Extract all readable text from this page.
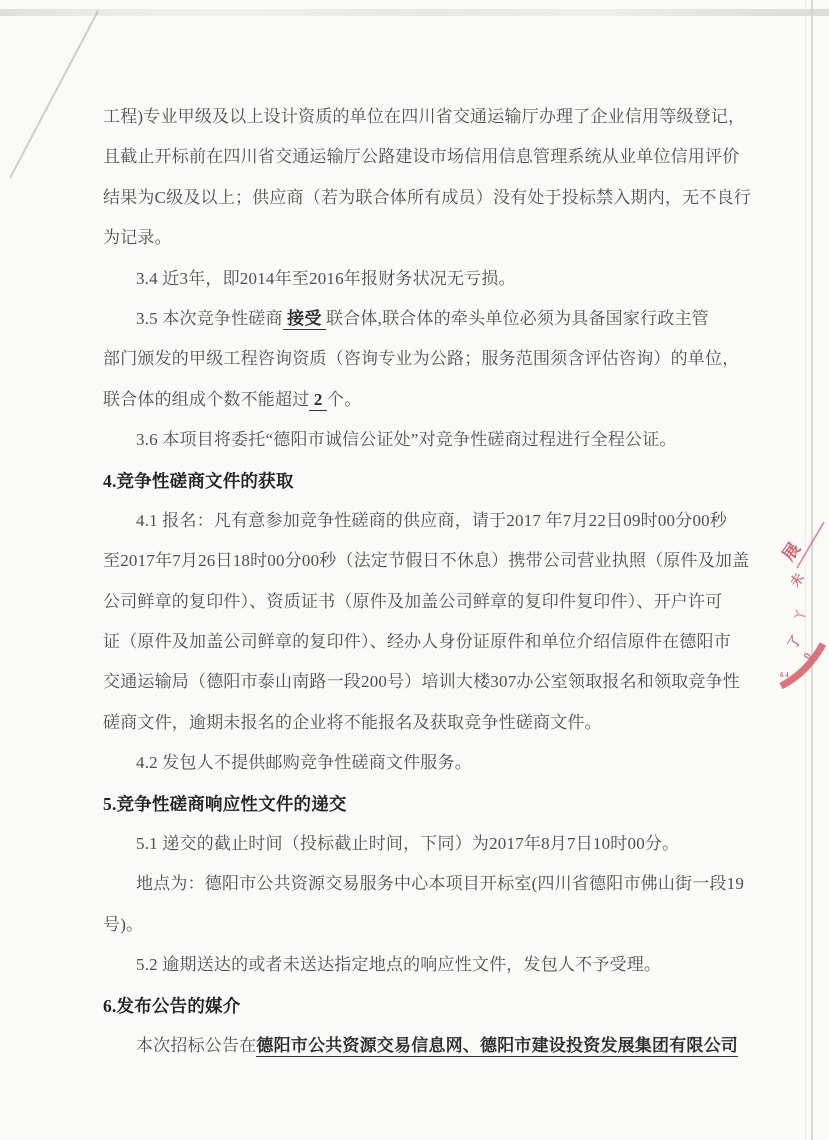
工程)专业甲级及以上设计资质的单位在四川省交通运输厅办理了企业信用等级登记，
且截止开标前在四川省交通运输厅公路建设市场信用信息管理系统从业单位信用评价
结果为C级及以上；供应商（若为联合体所有成员）没有处于投标禁入期内，无不良行
为记录。
3.4 近3年，即2014年至2016年报财务状况无亏损。
3.5 本次竞争性磋商 接受 联合体,联合体的牵头单位必须为具备国家行政主管
部门颁发的甲级工程咨询资质（咨询专业为公路；服务范围须含评估咨询）的单位，
联合体的组成个数不能超过 2 个。
3.6 本项目将委托“德阳市诚信公证处”对竞争性磋商过程进行全程公证。
4.竞争性磋商文件的获取
4.1 报名：凡有意参加竞争性磋商的供应商，请于2017 年7月22日09时00分00秒
至2017年7月26日18时00分00秒（法定节假日不休息）携带公司营业执照（原件及加盖
公司鲜章的复印件）、资质证书（原件及加盖公司鲜章的复印件复印件）、开户许可
证（原件及加盖公司鲜章的复印件）、经办人身份证原件和单位介绍信原件在德阳市
交通运输局（德阳市泰山南路一段200号）培训大楼307办公室领取报名和领取竞争性
磋商文件，逾期未报名的企业将不能报名及获取竞争性磋商文件。
4.2 发包人不提供邮购竞争性磋商文件服务。
5.竞争性磋商响应性文件的递交
5.1 递交的截止时间（投标截止时间，下同）为2017年8月7日10时00分。
地点为：德阳市公共资源交易服务中心本项目开标室(四川省德阳市佛山街一段19
号)。
5.2 逾期送达的或者未送达指定地点的响应性文件，发包人不予受理。
6.发布公告的媒介
本次招标公告在德阳市公共资源交易信息网、德阳市建设投资发展集团有限公司
展
未
丫
了
0
6 4
